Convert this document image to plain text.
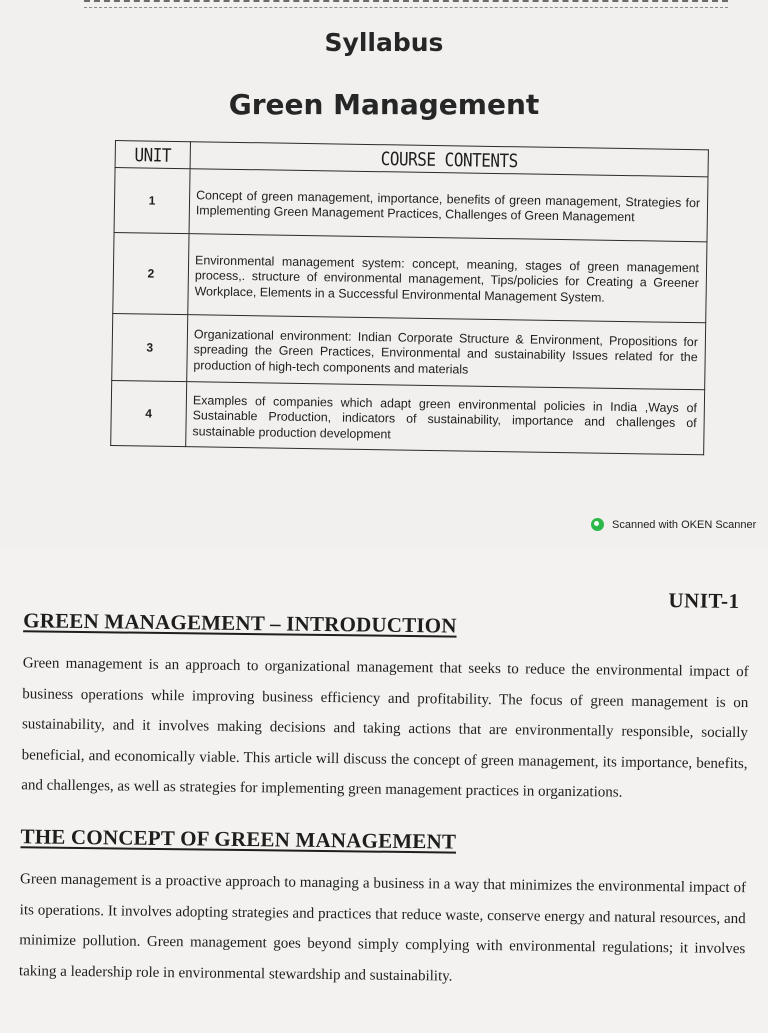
Syllabus
Green Management
UNIT	COURSE CONTENTS
1	Concept of green management, importance, benefits of green management, Strategies for Implementing Green Management Practices, Challenges of Green Management
2	Environmental management system: concept, meaning, stages of green management process,. structure of environmental management, Tips/policies for Creating a Greener Workplace, Elements in a Successful Environmental Management System.
3	Organizational environment: Indian Corporate Structure & Environment, Propositions for spreading the Green Practices, Environmental and sustainability Issues related for the production of high-tech components and materials
4	Examples of companies which adapt green environmental policies in India ,Ways of Sustainable Production, indicators of sustainability, importance and challenges of sustainable production development
Scanned with OKEN Scanner
UNIT-1
GREEN MANAGEMENT – INTRODUCTION
Green management is an approach to organizational management that seeks to reduce the environmental impact of business operations while improving business efficiency and profitability. The focus of green management is on sustainability, and it involves making decisions and taking actions that are environmentally responsible, socially beneficial, and economically viable. This article will discuss the concept of green management, its importance, benefits, and challenges, as well as strategies for implementing green management practices in organizations.
THE CONCEPT OF GREEN MANAGEMENT
Green management is a proactive approach to managing a business in a way that minimizes the environmental impact of its operations. It involves adopting strategies and practices that reduce waste, conserve energy and natural resources, and minimize pollution. Green management goes beyond simply complying with environmental regulations; it involves taking a leadership role in environmental stewardship and sustainability.
